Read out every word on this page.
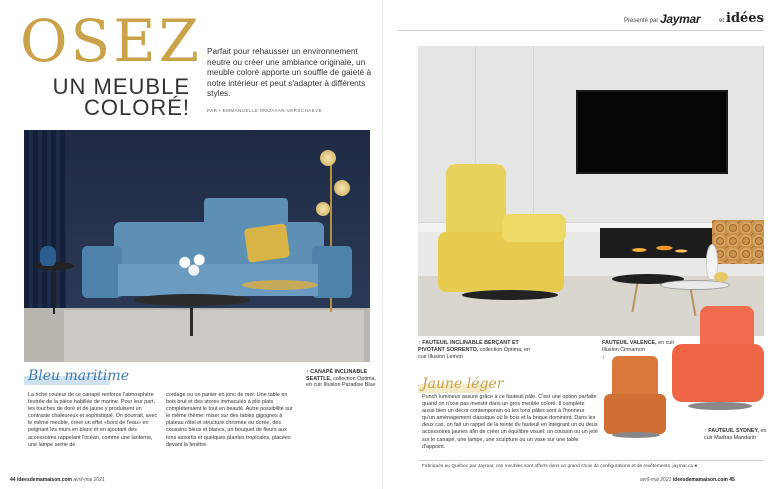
OSEZ
UN MEUBLE
COLORÉ!
Parfait pour rehausser un environnement neutre ou créer une ambiance originale, un meuble coloré apporte un souffle de gaieté à notre intérieur et peut s'adapter à différents styles.
PAR • EMMANUELLE MOZAYAN-VERSCHAEVE
↑ CANAPÉ INCLINABLE SEATTLE, collection Optima, en cuir Illusion Paradise Blue
Bleu maritime
La riche couleur de ce canapé renforce l'atmosphère feutrée de la pièce habillée de marine. Pour leur part, les touches de doré et de jaune y produisent un contraste chaleureux et sophistiqué. On pourrait, avec le même meuble, créer un effet «bord de l'eau» en peignant les murs en blanc et en ajoutant des accessoires rappelant l'océan, comme une lanterne, une lampe sertie de
cordage ou un panier en jonc de mer. Une table en bois brut et des stores immaculés à plis plats compléteraient le tout en beauté. Autre possibilité sur le même thème: miser sur des tables gigognes à plateau rôtel et structure chromée ou dorée, des coussins bleus et blancs, un bouquet de fleurs aux tons assortis et quelques plantes tropicales, placées devant la fenêtre.
44 ideesdemamaison.com avril-mai 2021
Présenté par Jaymar	et idées
↑ FAUTEUIL INCLINABLE BERÇANT ET PIVOTANT SORRENTO, collection Optima, en cuir Illusion Lemon
FAUTEUIL VALENCE, en cuir Illusion Cinnamon
↓
↑ FAUTEUIL SYDNEY, en cuir Madras Mandarin
Jaune léger
Punch lumineux assuré grâce à ce fauteuil pâle. C'est une option parfaite quand on n'ose pas investir dans un gros meuble coloré. Il complète aussi bien un décor contemporain où les tons pâles sont à l'honneur qu'un aménagement classique où le bois et la brique dominent. Dans les deux cas, on fait un rappel de la teinte du fauteuil en intégrant un ou deux accessoires jaunes afin de créer un équilibre visuel: un coussin ou un jeté sur le canapé, une lampe, une sculpture ou un vase sur une table d'appoint.
Fabriqués au Québec par Jaymar, ces meubles sont offerts dans un grand choix de configurations et de revêtements. jaymar.ca ●
avril-mai 2021 ideesdemamaison.com 45
